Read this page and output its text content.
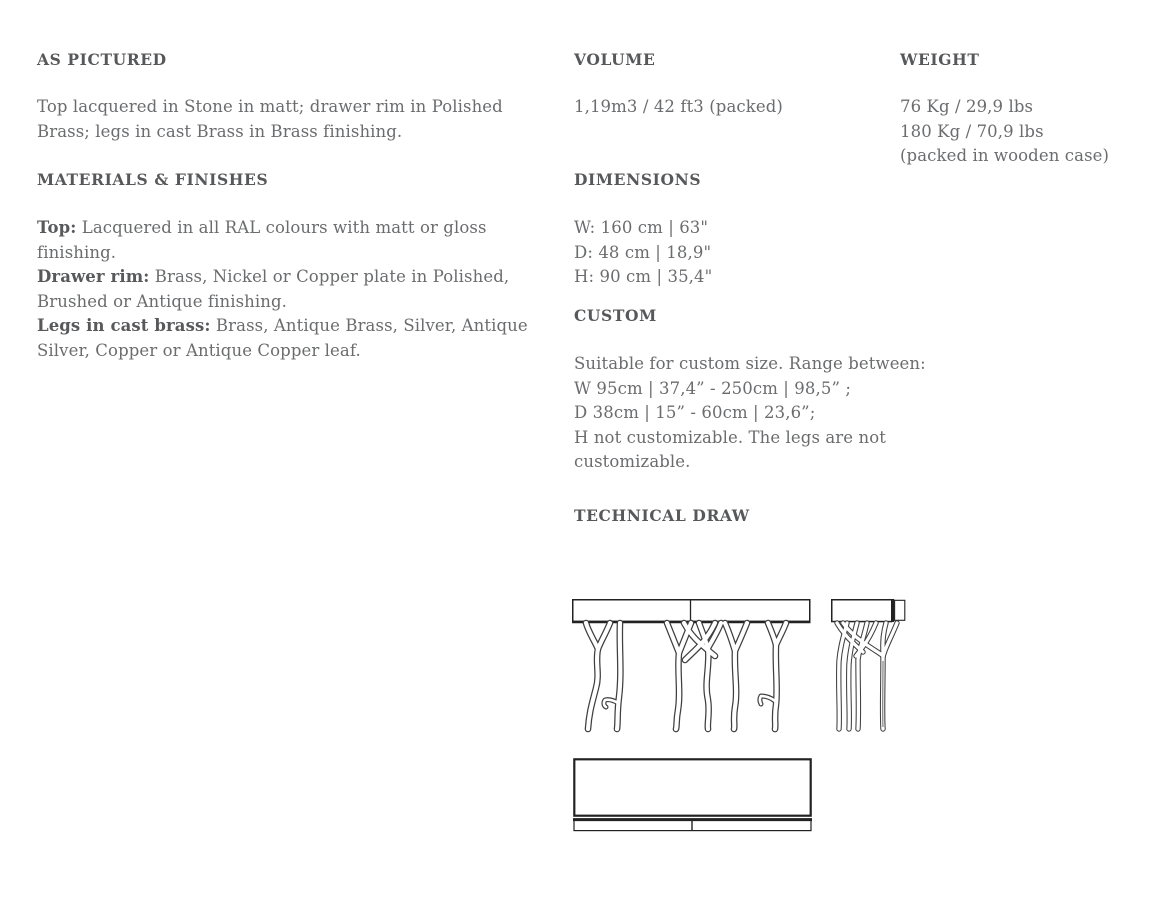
AS PICTURED
Top lacquered in Stone in matt; drawer rim in Polished
Brass; legs in cast Brass in Brass finishing.
MATERIALS & FINISHES
Top: Lacquered in all RAL colours with matt or gloss
finishing.
Drawer rim: Brass, Nickel or Copper plate in Polished,
Brushed or Antique finishing.
Legs in cast brass: Brass, Antique Brass, Silver, Antique
Silver, Copper or Antique Copper leaf.
VOLUME
1,19m3 / 42 ft3 (packed)
DIMENSIONS
W: 160 cm | 63"
D: 48 cm | 18,9"
H: 90 cm | 35,4"
CUSTOM
Suitable for custom size. Range between:
W 95cm | 37,4” - 250cm | 98,5” ;
D 38cm | 15” - 60cm | 23,6”;
H not customizable. The legs are not
customizable.
TECHNICAL DRAW
WEIGHT
76 Kg / 29,9 lbs
180 Kg / 70,9 lbs
(packed in wooden case)
